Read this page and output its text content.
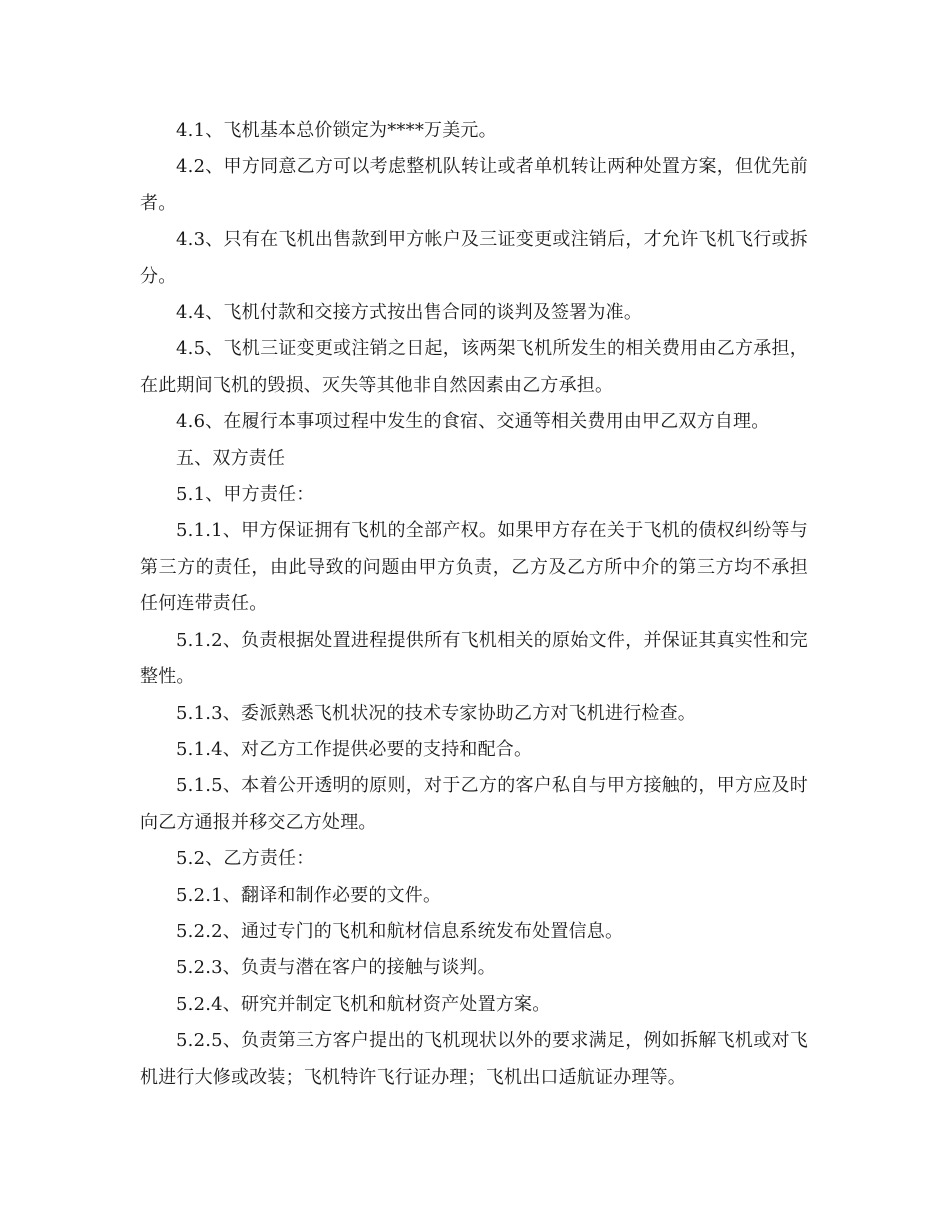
4.1、飞机基本总价锁定为****万美元。

4.2、甲方同意乙方可以考虑整机队转让或者单机转让两种处置方案，但优先前者。

4.3、只有在飞机出售款到甲方帐户及三证变更或注销后，才允许飞机飞行或拆分。

4.4、飞机付款和交接方式按出售合同的谈判及签署为准。

4.5、飞机三证变更或注销之日起，该两架飞机所发生的相关费用由乙方承担，在此期间飞机的毁损、灭失等其他非自然因素由乙方承担。

4.6、在履行本事项过程中发生的食宿、交通等相关费用由甲乙双方自理。

五、双方责任

5.1、甲方责任：

5.1.1、甲方保证拥有飞机的全部产权。如果甲方存在关于飞机的债权纠纷等与第三方的责任，由此导致的问题由甲方负责，乙方及乙方所中介的第三方均不承担任何连带责任。

5.1.2、负责根据处置进程提供所有飞机相关的原始文件，并保证其真实性和完整性。

5.1.3、委派熟悉飞机状况的技术专家协助乙方对飞机进行检查。

5.1.4、对乙方工作提供必要的支持和配合。

5.1.5、本着公开透明的原则，对于乙方的客户私自与甲方接触的，甲方应及时向乙方通报并移交乙方处理。

5.2、乙方责任：

5.2.1、翻译和制作必要的文件。

5.2.2、通过专门的飞机和航材信息系统发布处置信息。

5.2.3、负责与潜在客户的接触与谈判。

5.2.4、研究并制定飞机和航材资产处置方案。

5.2.5、负责第三方客户提出的飞机现状以外的要求满足，例如拆解飞机或对飞机进行大修或改装；飞机特许飞行证办理；飞机出口适航证办理等。
